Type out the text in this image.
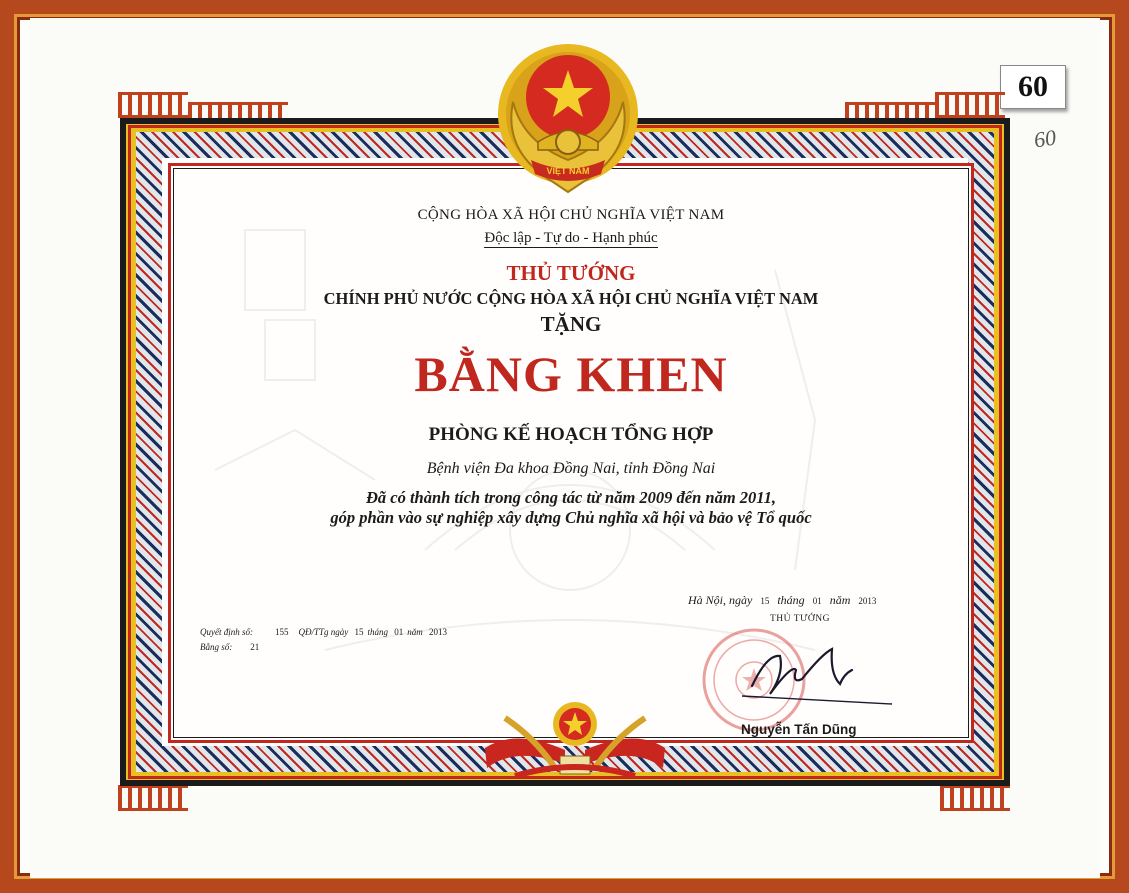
60
60
VIỆT NAM
CỘNG HÒA XÃ HỘI CHỦ NGHĨA VIỆT NAM
Độc lập - Tự do - Hạnh phúc
THỦ TƯỚNG
CHÍNH PHỦ NƯỚC CỘNG HÒA XÃ HỘI CHỦ NGHĨA VIỆT NAM
TẶNG
BẰNG KHEN
PHÒNG KẾ HOẠCH TỔNG HỢP
Bệnh viện Đa khoa Đồng Nai, tỉnh Đồng Nai
Đã có thành tích trong công tác từ năm 2009 đến năm 2011,
góp phần vào sự nghiệp xây dựng Chủ nghĩa xã hội và bảo vệ Tổ quốc
Quyết định số: 155 QĐ/TTg ngày 15 tháng 01 năm 2013
Bằng số: 21
Hà Nội, ngày 15 tháng 01 năm 2013
THỦ TƯỚNG
Nguyễn Tấn Dũng
